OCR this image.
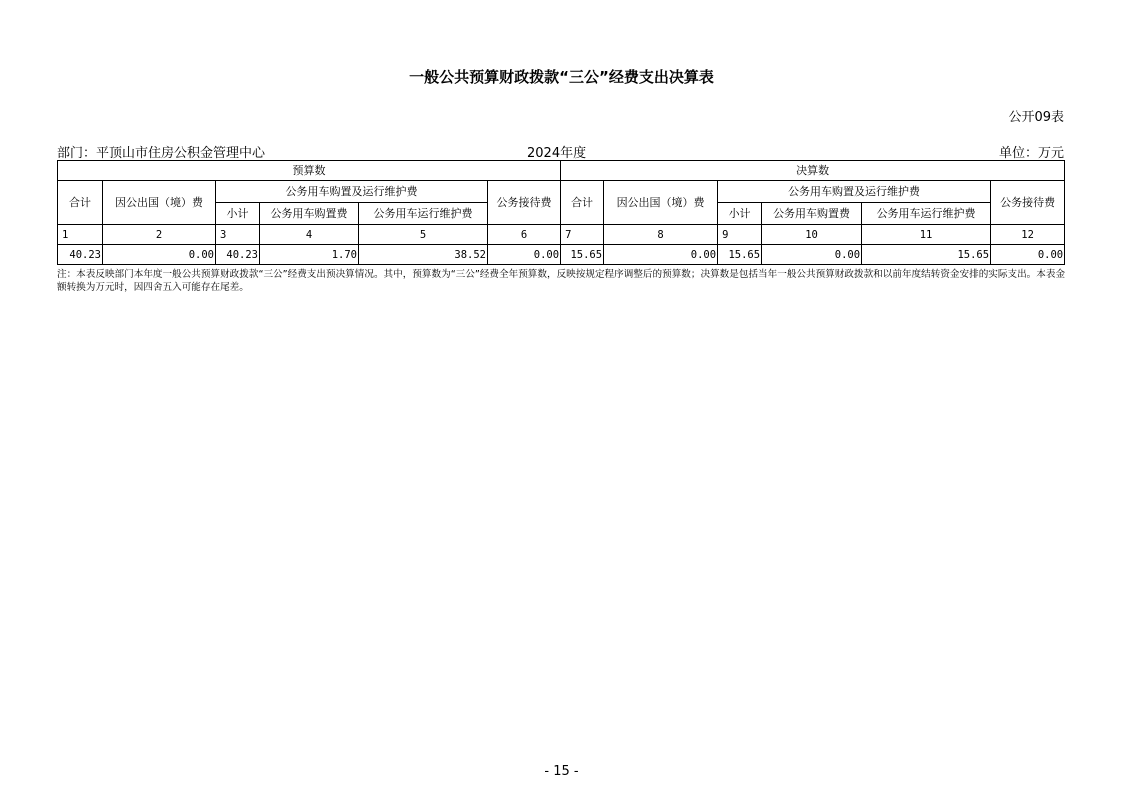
一般公共预算财政拨款“三公”经费支出决算表
公开09表
部门：平顶山市住房公积金管理中心	2024年度	单位：万元
预算数						决算数					
合计	因公出国（境）费	公务用车购置及运行维护费			公务接待费	合计	因公出国（境）费	公务用车购置及运行维护费			公务接待费
		小计	公务用车购置费	公务用车运行维护费				小计	公务用车购置费	公务用车运行维护费	
1	2	3	4	5	6	7	8	9	10	11	12
40.23	0.00	40.23	1.70	38.52	0.00	15.65	0.00	15.65	0.00	15.65	0.00
注：本表反映部门本年度一般公共预算财政拨款“三公”经费支出预决算情况。其中，预算数为“三公”经费全年预算数，反映按规定程序调整后的预算数；决算数是包括当年一般公共预算财政拨款和以前年度结转资金安排的实际支出。本表金额转换为万元时，因四舍五入可能存在尾差。
- 15 -
